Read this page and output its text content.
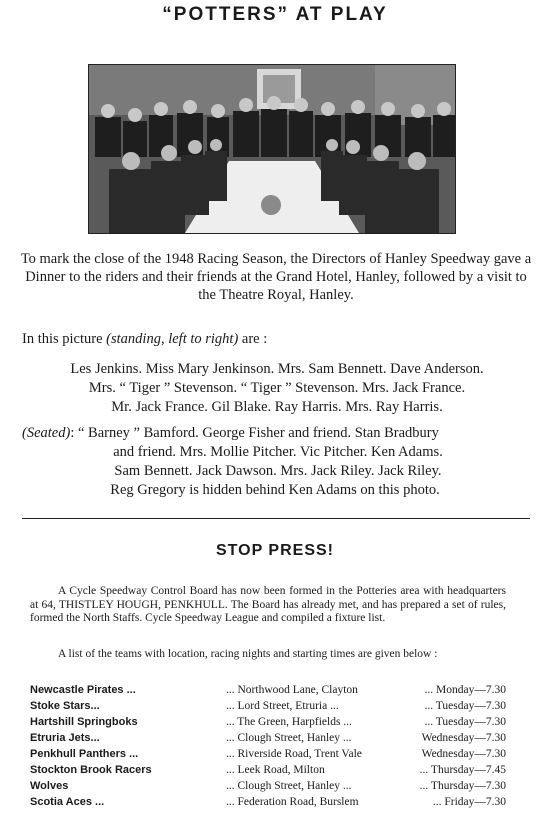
“POTTERS” AT PLAY
To mark the close of the 1948 Racing Season, the Directors of Hanley Speedway gave a Dinner to the riders and their friends at the Grand Hotel, Hanley, followed by a visit to the Theatre Royal, Hanley.
In this picture (standing, left to right) are :
Les Jenkins. Miss Mary Jenkinson. Mrs. Sam Bennett. Dave Anderson.
Mrs. “ Tiger ” Stevenson. “ Tiger ” Stevenson. Mrs. Jack France.
Mr. Jack France. Gil Blake. Ray Harris. Mrs. Ray Harris.
(Seated): “ Barney ” Bamford. George Fisher and friend. Stan Bradbury
and friend. Mrs. Mollie Pitcher. Vic Pitcher. Ken Adams.
Sam Bennett. Jack Dawson. Mrs. Jack Riley. Jack Riley.
Reg Gregory is hidden behind Ken Adams on this photo.
STOP PRESS!
A Cycle Speedway Control Board has now been formed in the Potteries area with headquarters at 64, THISTLEY HOUGH, PENKHULL. The Board has already met, and has prepared a set of rules, formed the North Staffs. Cycle Speedway League and compiled a fixture list.
A list of the teams with location, racing nights and starting times are given below :
Newcastle Pirates ...	... Northwood Lane, Clayton	... Monday—7.30
Stoke Stars...	... Lord Street, Etruria ...	... Tuesday—7.30
Hartshill Springboks	... The Green, Harpfields ...	... Tuesday—7.30
Etruria Jets...	... Clough Street, Hanley ...	Wednesday—7.30
Penkhull Panthers ...	... Riverside Road, Trent Vale	Wednesday—7.30
Stockton Brook Racers	... Leek Road, Milton	... Thursday—7.45
Wolves	... Clough Street, Hanley ...	... Thursday—7.30
Scotia Aces ...	... Federation Road, Burslem	... Friday—7.30
